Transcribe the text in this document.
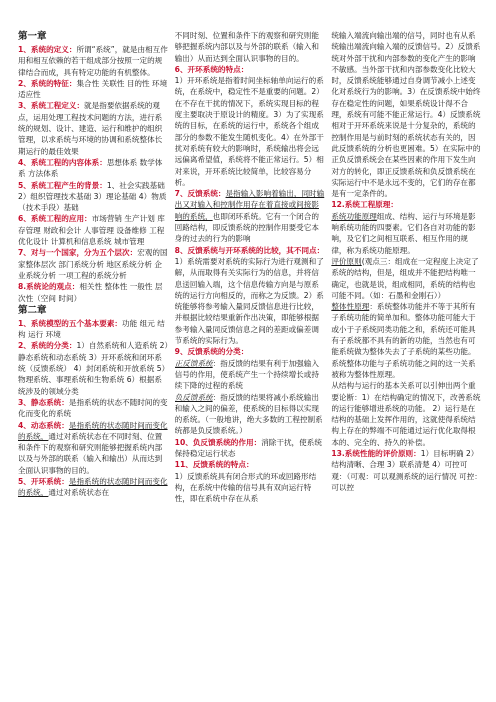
第一章

1、系统的定义：所谓“系统”，就是由相互作用和相互依赖的若干组成部分按照一定的规律结合而成，具有特定功能的有机整体。

2、系统的特征：集合性 关联性 目的性 环境适应性

3、系统工程定义：就是指要依据系统的观点，运用处理工程技术问题的方法，进行系统的规划、设计、建造、运行和维护的组织管理，以求系统与环境的协调和系统整体长期运行的最佳效果

4、系统工程的内容体系：思想体系 数学体系 方法体系

5、系统工程产生的背景：1、社会实践基础 2）组织管理技术基础 3）理论基础 4）物质（技术手段）基础

6、系统工程的应用：市场营销 生产计划 库存管理 财政和会计 人事管理 设备维修 工程优化设计 计算机和信息系统 城市管理

7、对与一个国家，分为五个层次：宏观的国家整体层次 部门系统分析 地区系统分析 企业系统分析 一项工程的系统分析

8.系统论的观点：相关性 整体性 一般性 层次性（空间 时间）

第二章

1、系统模型的五个基本要素：功能 组元 结构 运行 环境

2、系统的分类：1）自然系统和人造系统 2）静态系统和动态系统 3）开环系统和闭环系统（反馈系统） 4）封闭系统和开放系统 5）物理系统、事理系统和生物系统 6）根据系统涉及的领域分类

3、静态系统：是指系统的状态不随时间的变化而变化的系统

4、动态系统：是指系统的状态随时间而变化的系统，通过对系统状态在不同时刻、位置和条件下的观察和研究则能够把握系统内部以及与外部的联系（输入和输出）从而达到全面认识事物的目的。

5、开环系统：是指系统的状态随时间而变化的系统，通过对系统状态在

不同时刻、位置和条件下的观察和研究则能够把握系统内部以及与外部的联系（输入和输出）从而达到全面认识事物的目的。

6、开环系统的特点：

1）开环系统是指着时间坐标轴单向运行的系统，在系统中，稳定性不是重要的问题。2）在不存在干扰的情况下，系统实现目标的程度主要取决于原设计的精度。3）为了实现系统的目标，在系统的运行中，系统各个组成部分的参数不能发生随机变化。4）在外部干扰对系统有较大的影响时，系统输出将会远远偏离希望值，系统将不能正常运行。5）相对来说，开环系统比较简单，比较容易分析。

7、反馈系统：是指输入影响着输出，同时输出又对输入和控制作用存在着直接或间接影响的系统，也即闭环系统。它有一个闭合的回路结构，即反馈系统的控制作用要受它本身的过去的行为的影响

8、反馈系统与开环系统的比较，其不同点：1）系统需要对系统的实际行为进行观测和了解，从而取得有关实际行为的信息，并将信息送回输入端，这个信息传输方向是与原系统的运行方向相反的，而称之为反馈。2）系统能够将参考输入量同反馈信息进行比较，并根据比较结果重新作出决策，即能够根据参考输入量同反馈信息之间的差距或偏差调节系统的实际行为。

9、反馈系统的分类：

正反馈系统：指反馈的结果有利于加强输入信号的作用，使系统产生一个持续增长或持续下降的过程的系统

负反馈系统：指反馈的结果将减小系统输出和输入之间的偏差，使系统的目标得以实现的系统。（一般地讲，绝大多数的工程控制系统都是负反馈系统。）

10、负反馈系统的作用：消除干扰，使系统保持稳定运行状态

11、反馈系统的特点：

1）反馈系统具有闭合形式的环或回路形结构，在系统中传输的信号具有双向运行特性，即在系统中存在从系

统输入端流向输出端的信号，同时也有从系统输出端流向输入端的反馈信号。2）反馈系统对外部干扰和内部参数的变化产生的影响不敏感。当外部干扰和内部参数变化比较大时，反馈系统能够通过自身调节减小上述变化对系统行为的影响。3）在反馈系统中始终存在稳定性的问题，如果系统设计得不合理，系统有可能不能正常运行。4）反馈系统相对于开环系统来说是十分复杂的，系统的控制作用是与前时刻的系统状态有关的，因此反馈系统的分析也更困难。5）在实际中的正负反馈系统会在某些因素的作用下发生向对方的转化，即正反馈系统和负反馈系统在实际运行中不是永远不变的，它们的存在都是有一定条件的。

12.系统工程原理：

系统功能原理组成、结构、运行与环境是影响系统功能的四要素。它们各自对功能的影响，及它们之间相互联系、相互作用的规律，称为系统功能原理。

评价原则(观点三：组成在一定程度上决定了系统的结构，但是，组成并不能把结构唯一确定，也就是说，组成相同，系统的结构也可能不同。（如：石墨和金刚石））

整体性原理：系统整体功能并不等于其所有子系统功能的简单加和。整体功能可能大于或小于子系统同类功能之和，系统还可能具有子系统都不具有的新的功能，当然也有可能系统做为整体失去了子系统的某些功能。系统整体功能与子系统功能之间的这一关系被称为整体性原理。

从结构与运行的基本关系可以引伸出两个重要论断：1）在结构确定的情况下，改善系统的运行能够增进系统的功能。 2）运行是在结构的基础上发挥作用的，这就使得系统结构上存在的弊端不可能通过运行优化取得根本的、完全的、持久的补偿。

13.系统性能的评价原则：1）目标明确 2）结构清晰、合理 3）联系清楚 4）可控可观：（可观：可以观测系统的运行情况 可控：可以控
